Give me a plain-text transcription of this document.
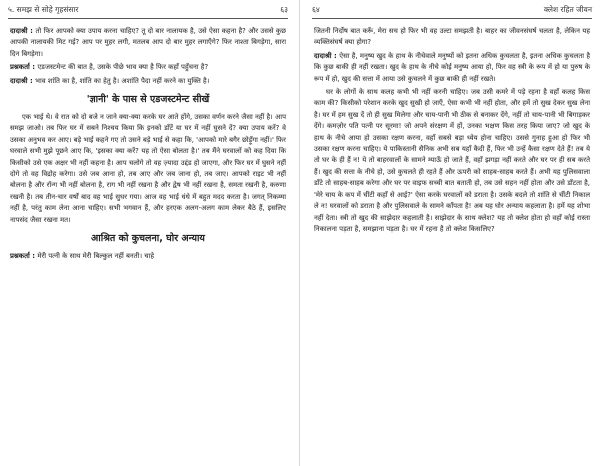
५. समझ से सोहे गृहसंसार	६३

दादाश्री : तो फिर आपको क्या उपाय करना चाहिए? तू दो बार नालायक है, उसे ऐसा कहना है? और उससे कुछ आपकी नालायकी मिट गई? आप पर मुहर लगी, मतलब आप दो बार मुहर लगाएँगे? फिर नाश्ता बिगड़ेगा, सारा दिन बिगड़ेगा।

प्रश्नकर्ता : एडजस्टमेन्ट की बात है, उसके पीछे भाव क्या है फिर कहाँ पहुँचना है?

दादाश्री : भाव शांति का है, शांति का हेतु है। अशांति पैदा नहीं करने का युक्ति है।

'ज्ञानी' के पास से एडजस्टमेन्ट सीखें

एक भाई थे। वे रात को दो बजे न जाने क्या-क्या करके घर आते होंगे, उसका वर्णन करने जैसा नहीं है। आप समझ जाओ। तब फिर घर में सबने निश्चय किया कि इनको डाँटें या घर में नहीं घुसने दें? क्या उपाय करें? वे उसका अनुभव कर आए। बड़े भाई कहने गए तो उसने बड़े भाई से कहा कि, 'आपको मारे बगैर छोड़ूँगा नहीं।' फिर घरवाले सभी मुझे पूछने आए कि, 'इसका क्या करें? यह तो ऐसा बोलता है।' तब मैंने घरवालों को कह दिया कि किसीको उसे एक अक्षर भी नहीं कहना है। आप चलोगे तो वह ज़्यादा उद्दंड हो जाएगा, और फिर घर में घुसने नहीं दोगे तो वह विद्रोह करेगा। उसे जब आना हो, तब आए और जब जाना हो, तब जाए। आपको राइट भी नहीं बोलना है और रॉन्ग भी नहीं बोलना है, राग भी नहीं रखना है और द्वेष भी नहीं रखना है, समता रखनी है, करुणा रखनी है। तब तीन-चार वर्षों बाद वह भाई सुधर गया। आज वह भाई धंधे में बहुत मदद करता है। जगत् निकम्मा नहीं है, परंतु काम लेना आना चाहिए। सभी भगवान हैं, और हरएक अलग-अलग काम लेकर बैठे हैं, इसलिए नापसंद जैसा रखना मत।

आश्रित को कुचलना, घोर अन्याय

प्रश्नकर्ता : मेरी पत्नी के साथ मेरी बिल्कुल नहीं बनती। चाहे

६४	क्लेश रहित जीवन

जितनी निर्दोष बात करूँ, मेरा सच हो फिर भी वह उल्टा समझती है। बाहर का जीवनसंघर्ष चलता है, लेकिन यह व्यक्तिसंघर्ष क्या होगा?

दादाश्री : ऐसा है, मनुष्य खुद के हाथ के नीचेवाले मनुष्यों को इतना अधिक कुचलता है, इतना अधिक कुचलता है कि कुछ बाकी ही नहीं रखता। खुद के हाथ के नीचे कोई मनुष्य आया हो, फिर वह स्त्री के रूप में हो या पुरुष के रूप में हो, खुद की सत्ता में आया उसे कुचलने में कुछ बाकी ही नहीं रखते।

घर के लोगों के साथ कलह कभी भी नहीं करनी चाहिए। जब उसी कमरे में पड़े रहना है वहाँ कलह किस काम की? किसीको परेशान करके खुद सुखी हो जाएँ, ऐसा कभी भी नहीं होता, और हमें तो सुख देकर सुख लेना है। घर में हम सुख दें तो ही सुख मिलेगा और चाय-पानी भी ठीक से बनाकर देंगे, नहीं तो चाय-पानी भी बिगाड़कर देंगे। कमज़ोर पति पत्नी पर सूरमा! जो अपने संरक्षण में हों, उनका भक्षण किस तरह किया जाए? जो खुद के हाथ के नीचे आया हो उसका रक्षण करना, वहाँ सबसे बड़ा ध्येय होना चाहिए। उससे गुनाह हुआ हो फिर भी उसका रक्षण करना चाहिए। ये पाकिस्तानी सैनिक अभी सब यहाँ कैदी हैं, फिर भी उन्हें कैसा रक्षण देते हैं! तब ये तो घर के ही हैं न! ये तो बाहरवालों के सामने म्याऊँ हो जाते हैं, वहाँ झगड़ा नहीं करते और घर पर ही सब करते हैं। खुद की सत्ता के नीचे हो, उसे कुचलते ही रहते हैं और ऊपरी को साहब-साहब करते हैं। अभी यह पुलिसवाला डाँटे तो साहब-साहब करेगा और घर पर वाइफ सच्ची बात बताती हो, तब उसे सहन नहीं होता और उसे डाँटता है, 'मेरे चाय के कप में चींटी कहाँ से आई?' ऐसा करके घरवालों को डराता है। उसके बदले तो शांति से चींटी निकाल ले न! घरवालों को डराता है और पुलिसवाले के सामने काँपता है! अब यह घोर अन्याय कहलाता है। हमें यह शोभा नहीं देता। स्त्री तो खुद की साझेदार कहलाती है। साझेदार के साथ क्लेश? यह तो क्लेश होता हो वहाँ कोई रास्ता निकालना पड़ता है, समझाना पड़ता है। घर में रहना है तो क्लेश किसलिए?
